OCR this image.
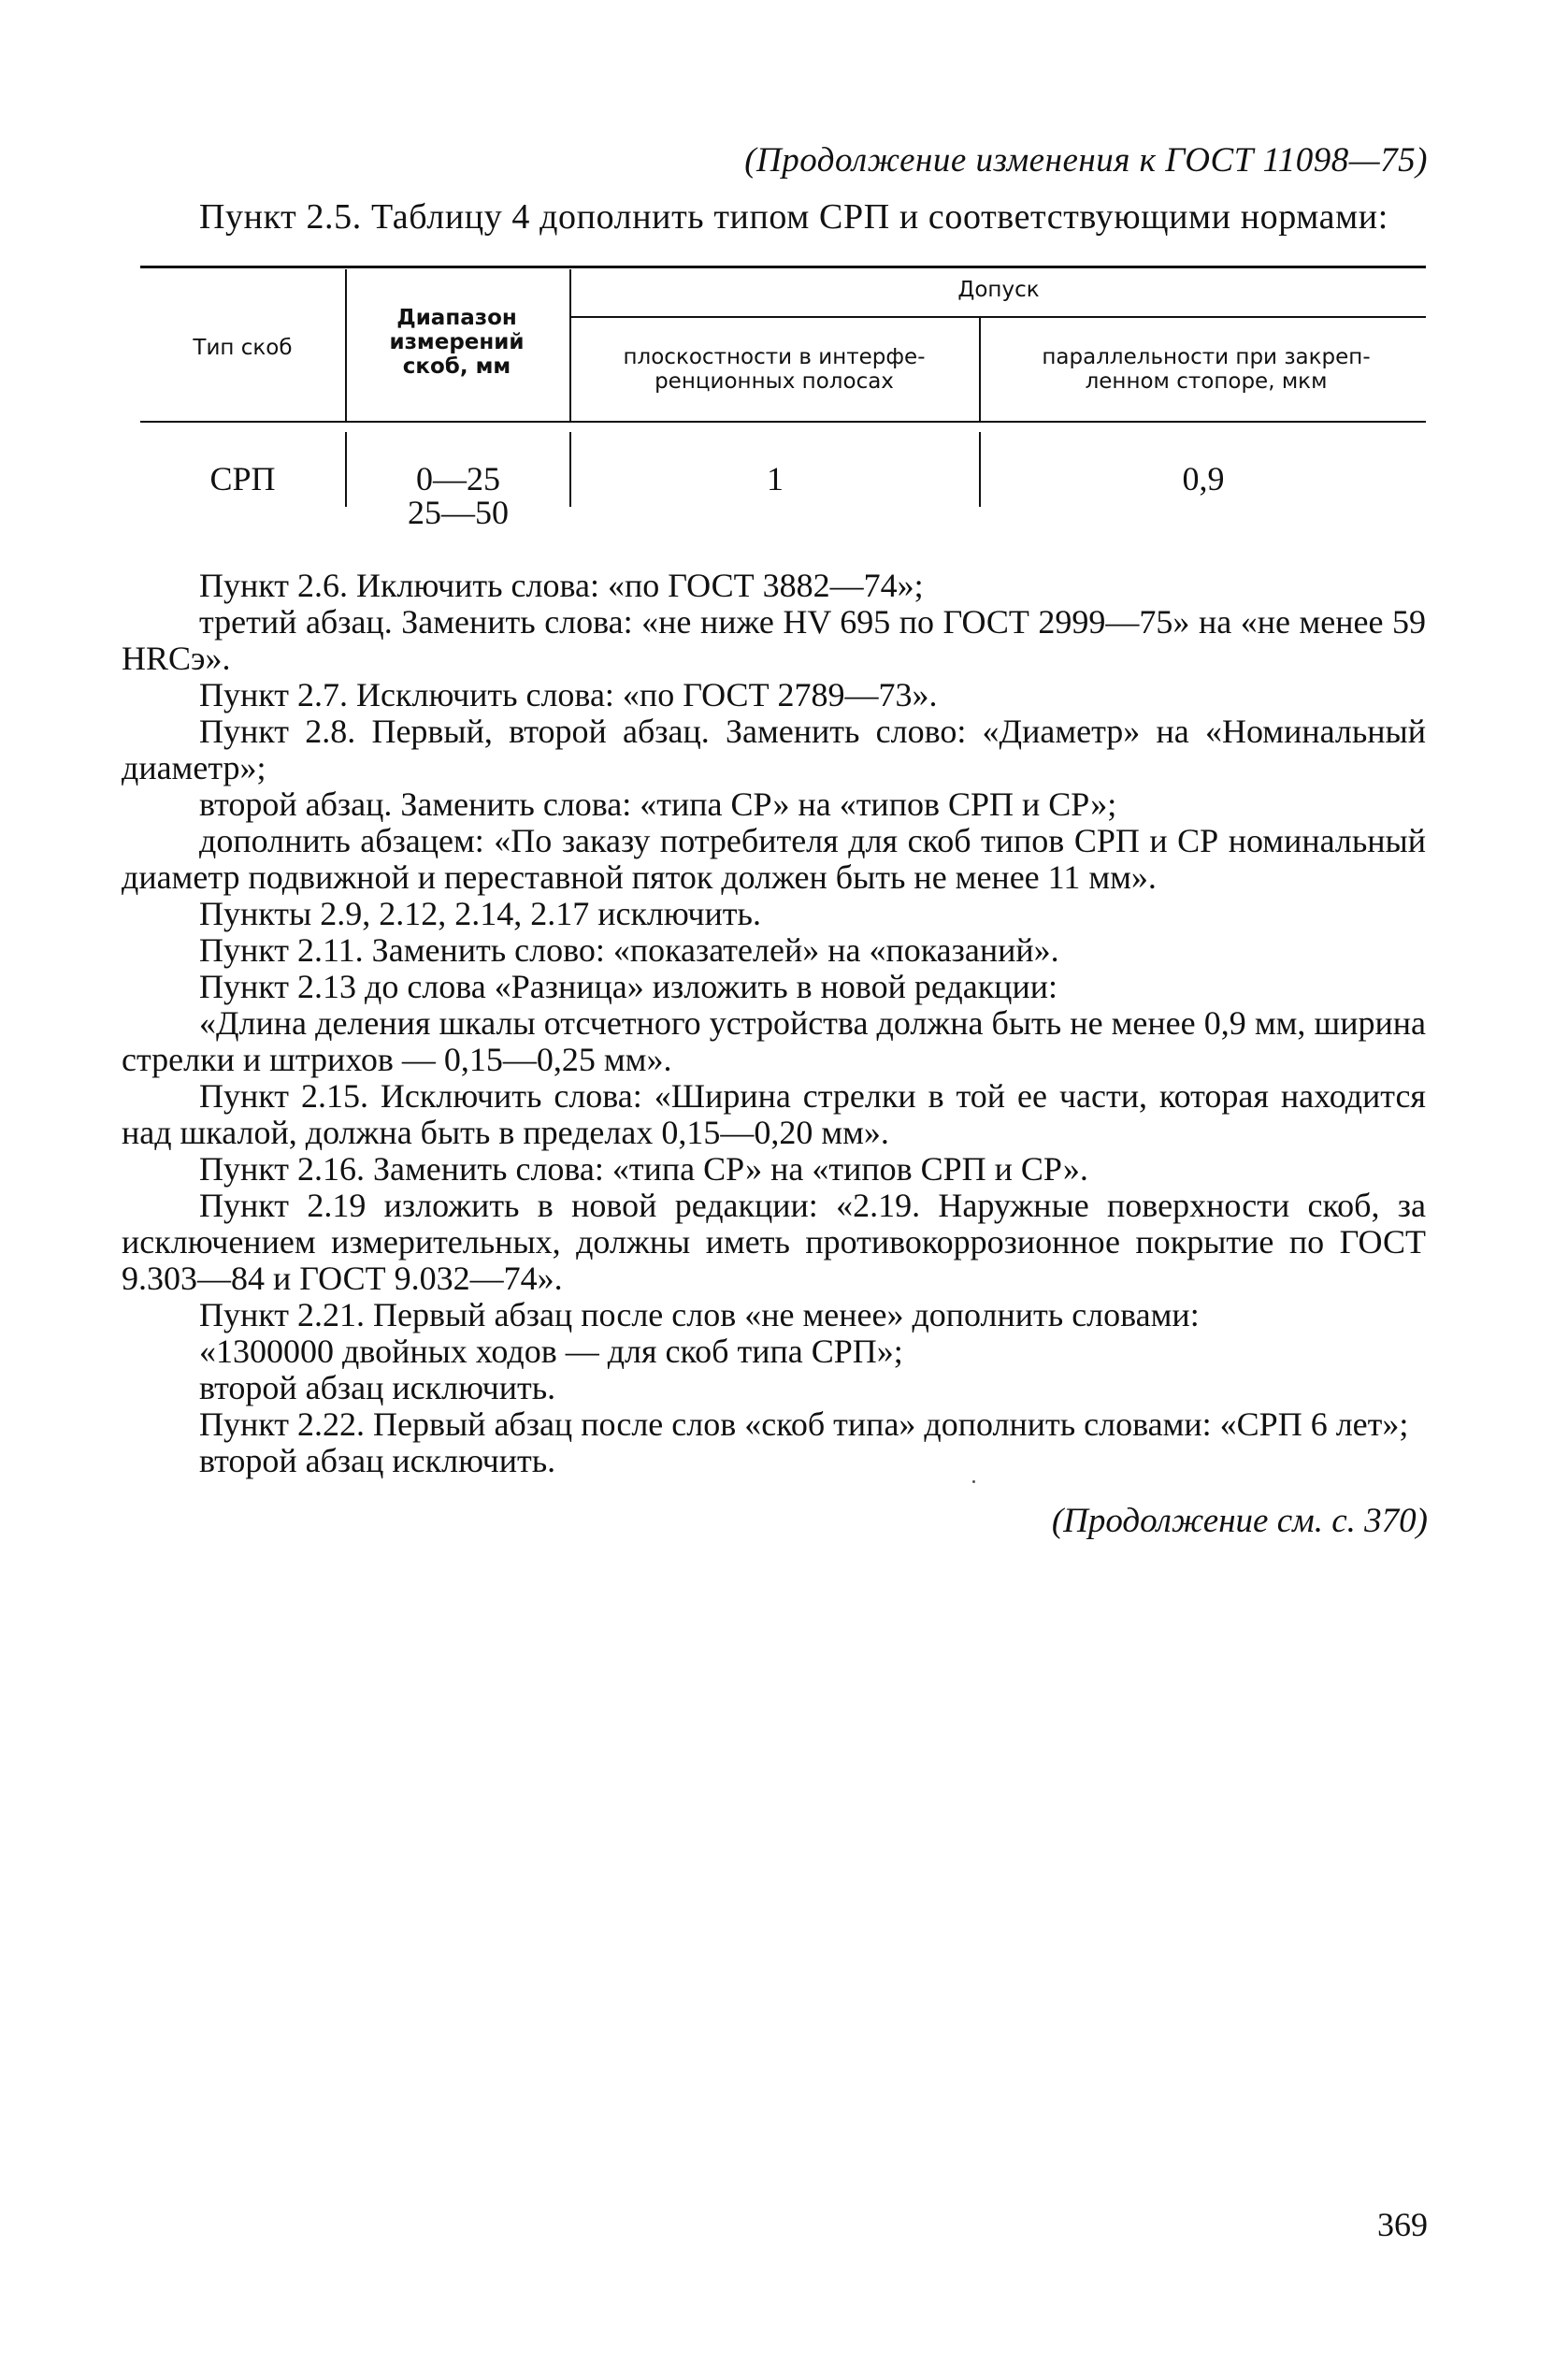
(Продолжение изменения к ГОСТ 11098—75)
Пункт 2.5. Таблицу 4 дополнить типом СРП и соответствующими нормами:
Тип скоб
Диапазон измерений скоб, мм
Допуск
плоскостности в интерфе-ренционных полосах
параллельности при закреп-ленном стопоре, мкм
СРП	0—25
25—50
1	0,9

Пункт 2.6. Иключить слова: «по ГОСТ 3882—74»;

третий абзац. Заменить слова: «не ниже HV 695 по ГОСТ 2999—75» на «не менее 59 HRCэ».

Пункт 2.7. Исключить слова: «по ГОСТ 2789—73».

Пункт 2.8. Первый, второй абзац. Заменить слово: «Диаметр» на «Номинальный диаметр»;

второй абзац. Заменить слова: «типа СР» на «типов СРП и СР»;

дополнить абзацем: «По заказу потребителя для скоб типов СРП и СР номинальный диаметр подвижной и переставной пяток должен быть не менее 11 мм».

Пункты 2.9, 2.12, 2.14, 2.17 исключить.

Пункт 2.11. Заменить слово: «показателей» на «показаний».

Пункт 2.13 до слова «Разница» изложить в новой редакции:

«Длина деления шкалы отсчетного устройства должна быть не менее 0,9 мм, ширина стрелки и штрихов — 0,15—0,25 мм».

Пункт 2.15. Исключить слова: «Ширина стрелки в той ее части, которая находится над шкалой, должна быть в пределах 0,15—0,20 мм».

Пункт 2.16. Заменить слова: «типа СР» на «типов СРП и СР».

Пункт 2.19 изложить в новой редакции: «2.19. Наружные поверхности скоб, за исключением измерительных, должны иметь противокоррозионное покрытие по ГОСТ 9.303—84 и ГОСТ 9.032—74».

Пункт 2.21. Первый абзац после слов «не менее» дополнить словами:

«1300000 двойных ходов — для скоб типа СРП»;

второй абзац исключить.

Пункт 2.22. Первый абзац после слов «скоб типа» дополнить словами: «СРП 6 лет»;

второй абзац исключить.

(Продолжение см. с. 370)
369
